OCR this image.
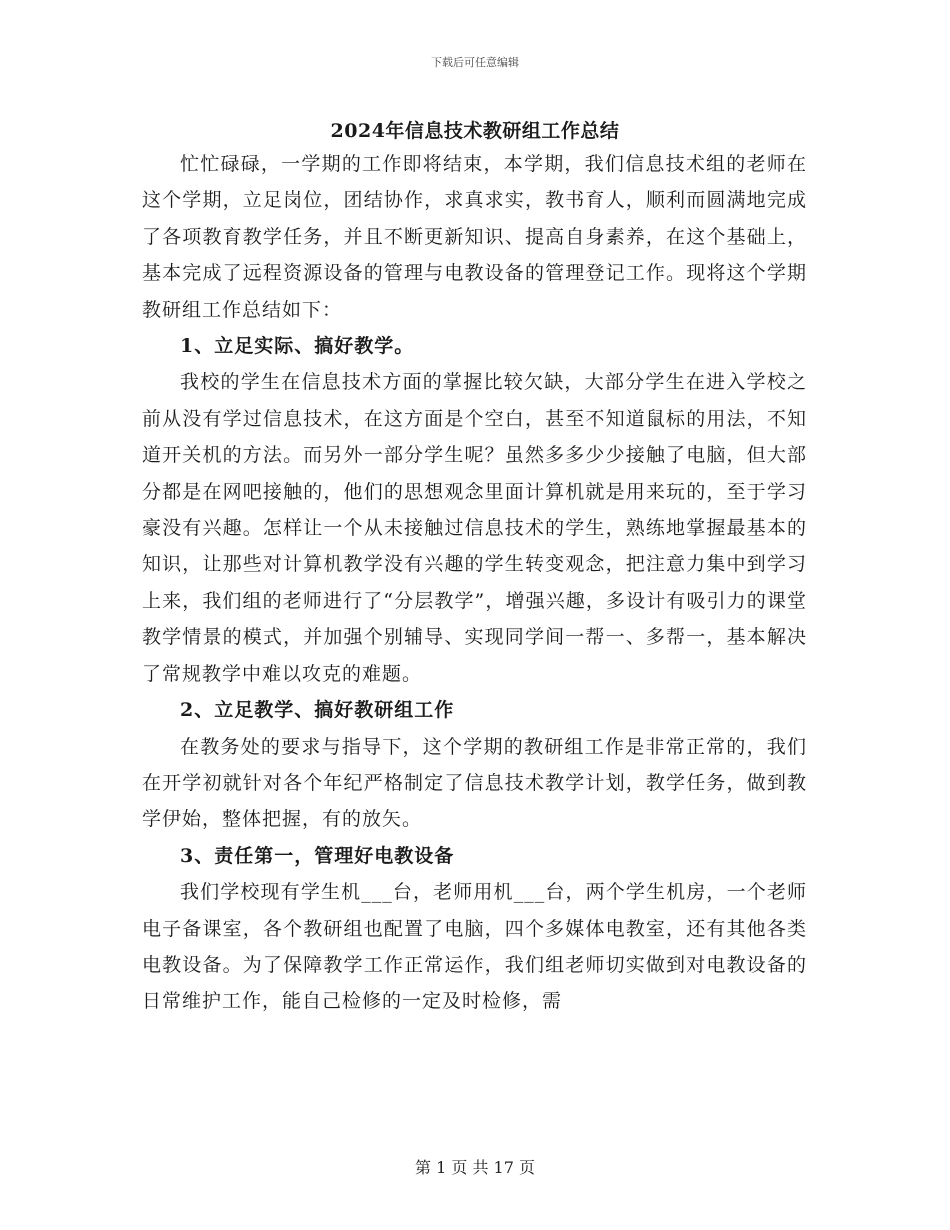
下载后可任意编辑
2024年信息技术教研组工作总结

忙忙碌碌，一学期的工作即将结束，本学期，我们信息技术组的老师在这个学期，立足岗位，团结协作，求真求实，教书育人，顺利而圆满地完成了各项教育教学任务，并且不断更新知识、提高自身素养，在这个基础上，基本完成了远程资源设备的管理与电教设备的管理登记工作。现将这个学期教研组工作总结如下：

1、立足实际、搞好教学。

我校的学生在信息技术方面的掌握比较欠缺，大部分学生在进入学校之前从没有学过信息技术，在这方面是个空白，甚至不知道鼠标的用法，不知道开关机的方法。而另外一部分学生呢？虽然多多少少接触了电脑，但大部分都是在网吧接触的，他们的思想观念里面计算机就是用来玩的，至于学习豪没有兴趣。怎样让一个从未接触过信息技术的学生，熟练地掌握最基本的知识，让那些对计算机教学没有兴趣的学生转变观念，把注意力集中到学习上来，我们组的老师进行了“分层教学”，增强兴趣，多设计有吸引力的课堂教学情景的模式，并加强个别辅导、实现同学间一帮一、多帮一，基本解决了常规教学中难以攻克的难题。

2、立足教学、搞好教研组工作

在教务处的要求与指导下，这个学期的教研组工作是非常正常的，我们在开学初就针对各个年纪严格制定了信息技术教学计划，教学任务，做到教学伊始，整体把握，有的放矢。

3、责任第一，管理好电教设备

我们学校现有学生机___台，老师用机___台，两个学生机房，一个老师电子备课室，各个教研组也配置了电脑，四个多媒体电教室，还有其他各类电教设备。为了保障教学工作正常运作，我们组老师切实做到对电教设备的日常维护工作，能自己检修的一定及时检修，需

第 1 页 共 17 页
